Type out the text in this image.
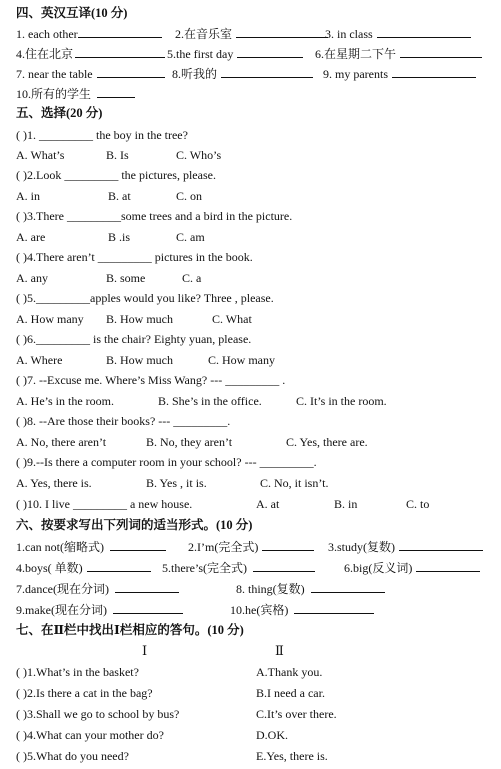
四、英汉互译(10 分)
1. each other	2.在音乐室	3. in class
4.住在北京	5.the first day	6.在星期二下午
7. near the table	8.听我的	9. my parents
10.所有的学生
五、选择(20 分)
( )1. _________ the boy in the tree?
A. What’s	B. Is	C. Who’s
( )2.Look _________ the pictures, please.
A. in	B. at	C. on
( )3.There _________some trees and a bird in the picture.
A. are	B .is	C. am
( )4.There aren’t _________ pictures in the book.
A. any	B. some	C. a
( )5._________apples would you like? Three , please.
A. How many B. How much	C. What
( )6._________ is the chair? Eighty yuan, please.
A. Where	B. How much	C. How many
( )7. --Excuse me. Where’s Miss Wang? --- _________ .
A. He’s in the room.	B. She’s in the office.	C. It’s in the room.
( )8. --Are those their books? --- _________.
A. No, there aren’t	B. No, they aren’t	C. Yes, there are.
( )9.--Is there a computer room in your school? --- _________.
A. Yes, there is.	B. Yes , it is.	C. No, it isn’t.
( )10. I live _________ a new house.	A. at	B. in	C. to
六、按要求写出下列词的适当形式。(10 分)
1.can not(缩略式)	2.I’m(完全式)	3.study(复数)
4.boys( 单数)	5.there’s(完全式)	6.big(反义词)
7.dance(现在分词)	8. thing(复数)
9.make(现在分词)	10.he(宾格)
七、在Ⅱ栏中找出Ⅰ栏相应的答句。(10 分)
Ⅰ	Ⅱ
( )1.What’s in the basket?	A.Thank you.
( )2.Is there a cat in the bag?	B.I need a car.
( )3.Shall we go to school by bus?	C.It’s over there.
( )4.What can your mother do?	D.OK.
( )5.What do you need?	E.Yes, there is.
